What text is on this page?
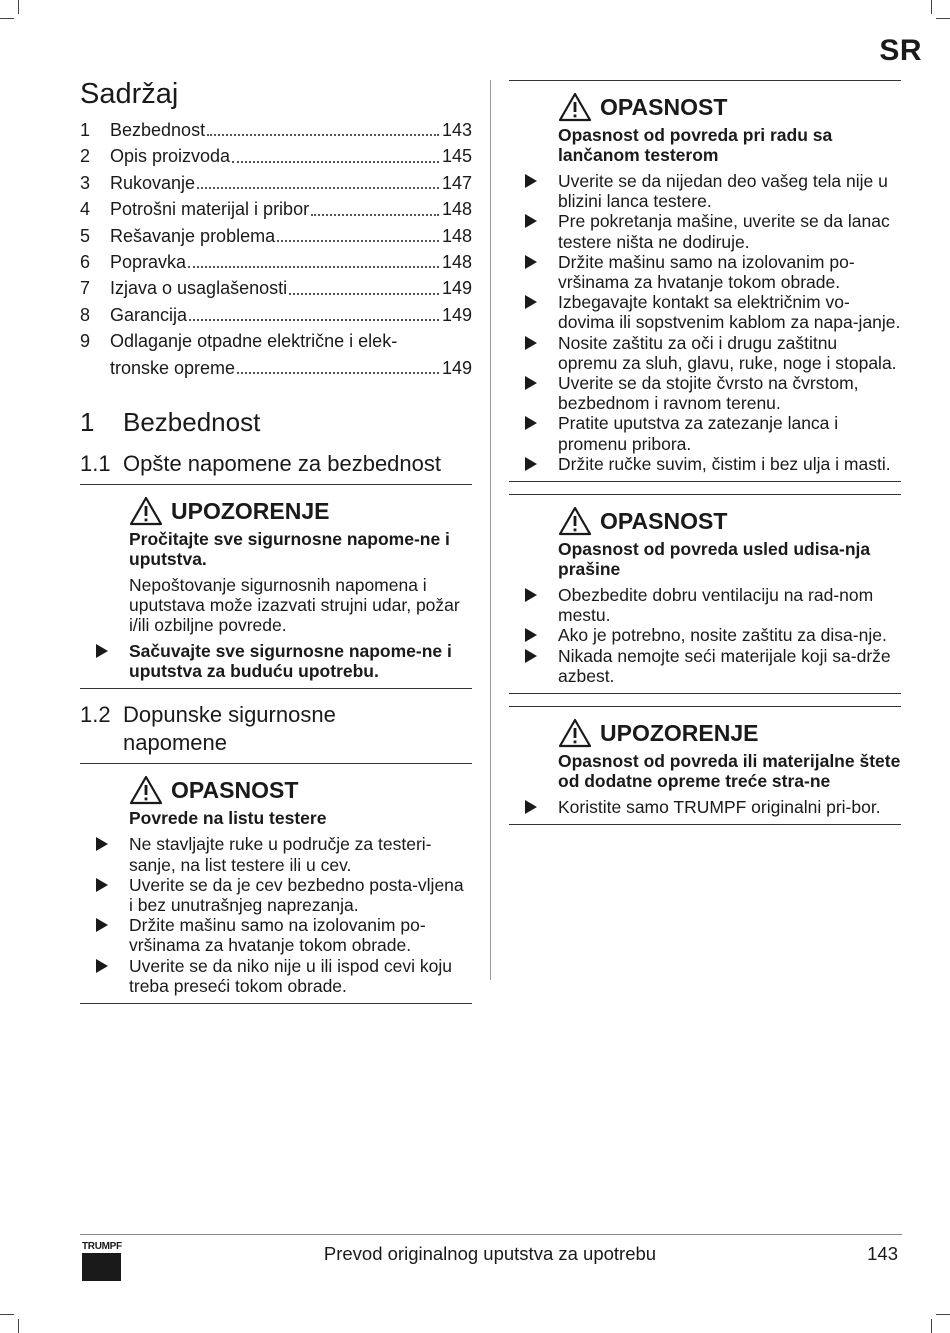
SR
Sadržaj
1	Bezbednost	143
2	Opis proizvoda	145
3	Rukovanje	147
4	Potrošni materijal i pribor	148
5	Rešavanje problema	148
6	Popravka	148
7	Izjava o usaglašenosti	149
8	Garancija	149
9	Odlaganje otpadne električne i elek-
tronske opreme	149
1	Bezbednost
1.1 Opšte napomene za bezbednost
UPOZORENJE
Pročitajte sve sigurnosne napome-ne i uputstva.
Nepoštovanje sigurnosnih napomena i uputstava može izazvati strujni udar, požar i/ili ozbiljne povrede.
Sačuvajte sve sigurnosne napome-ne i uputstva za buduću upotrebu.
1.2 Dopunske sigurnosne
napomene
OPASNOST
Povrede na listu testere
Ne stavljajte ruke u područje za testeri-sanje, na list testere ili u cev.
Uverite se da je cev bezbedno posta-vljena i bez unutrašnjeg naprezanja.
Držite mašinu samo na izolovanim po-vršinama za hvatanje tokom obrade.
Uverite se da niko nije u ili ispod cevi koju treba preseći tokom obrade.
OPASNOST
Opasnost od povreda pri radu sa lančanom testerom
Uverite se da nijedan deo vašeg tela nije u blizini lanca testere.
Pre pokretanja mašine, uverite se da lanac testere ništa ne dodiruje.
Držite mašinu samo na izolovanim po-vršinama za hvatanje tokom obrade.
Izbegavajte kontakt sa električnim vo-dovima ili sopstvenim kablom za napa-janje.
Nosite zaštitu za oči i drugu zaštitnu opremu za sluh, glavu, ruke, noge i stopala.
Uverite se da stojite čvrsto na čvrstom, bezbednom i ravnom terenu.
Pratite uputstva za zatezanje lanca i promenu pribora.
Držite ručke suvim, čistim i bez ulja i masti.
OPASNOST
Opasnost od povreda usled udisa-nja prašine
Obezbedite dobru ventilaciju na rad-nom mestu.
Ako je potrebno, nosite zaštitu za disa-nje.
Nikada nemojte seći materijale koji sa-drže azbest.
UPOZORENJE
Opasnost od povreda ili materijalne štete od dodatne opreme treće stra-ne
Koristite samo TRUMPF originalni pri-bor.
TRUMPF	Prevod originalnog uputstva za upotrebu	143
